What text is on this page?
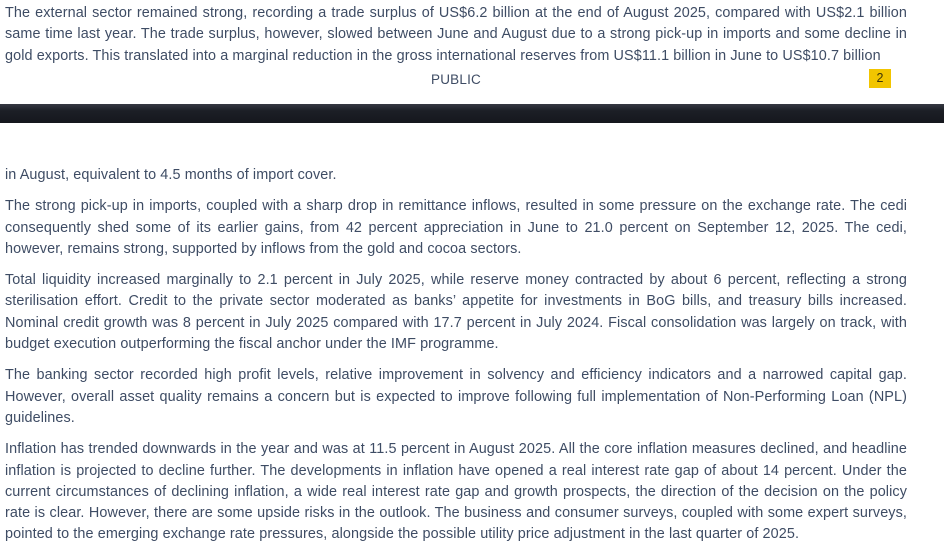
The external sector remained strong, recording a trade surplus of US$6.2 billion at the end of August 2025, compared with US$2.1 billion same time last year. The trade surplus, however, slowed between June and August due to a strong pick-up in imports and some decline in gold exports. This translated into a marginal reduction in the gross international reserves from US$11.1 billion in June to US$10.7 billion

PUBLIC	2

in August, equivalent to 4.5 months of import cover.

The strong pick-up in imports, coupled with a sharp drop in remittance inflows, resulted in some pressure on the exchange rate. The cedi consequently shed some of its earlier gains, from 42 percent appreciation in June to 21.0 percent on September 12, 2025. The cedi, however, remains strong, supported by inflows from the gold and cocoa sectors.

Total liquidity increased marginally to 2.1 percent in July 2025, while reserve money contracted by about 6 percent, reflecting a strong sterilisation effort. Credit to the private sector moderated as banks’ appetite for investments in BoG bills, and treasury bills increased. Nominal credit growth was 8 percent in July 2025 compared with 17.7 percent in July 2024. Fiscal consolidation was largely on track, with budget execution outperforming the fiscal anchor under the IMF programme.

The banking sector recorded high profit levels, relative improvement in solvency and efficiency indicators and a narrowed capital gap. However, overall asset quality remains a concern but is expected to improve following full implementation of Non-Performing Loan (NPL) guidelines.

Inflation has trended downwards in the year and was at 11.5 percent in August 2025. All the core inflation measures declined, and headline inflation is projected to decline further. The developments in inflation have opened a real interest rate gap of about 14 percent. Under the current circumstances of declining inflation, a wide real interest rate gap and growth prospects, the direction of the decision on the policy rate is clear. However, there are some upside risks in the outlook. The business and consumer surveys, coupled with some expert surveys, pointed to the emerging exchange rate pressures, alongside the possible utility price adjustment in the last quarter of 2025.
